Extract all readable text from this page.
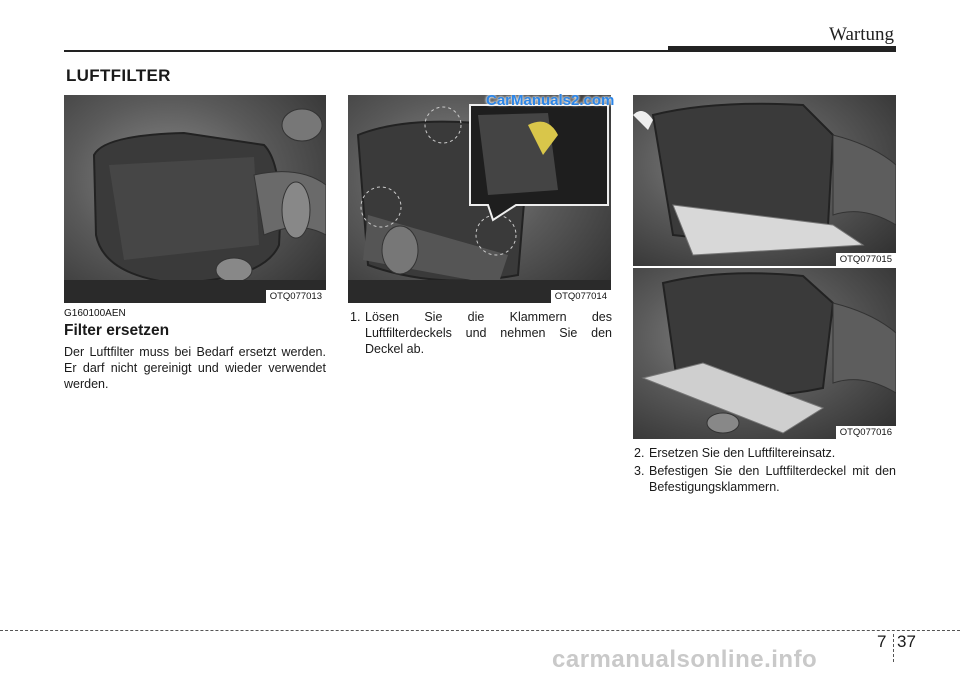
Wartung
LUFTFILTER
OTQ077013	OTQ077014
CarManuals2.com
OTQ077015
OTQ077016
G160100AEN
Filter ersetzen

Der Luftfilter muss bei Bedarf ersetzt werden. Er darf nicht gereinigt und wieder verwendet werden.

1. Lösen Sie die Klammern des Luftfilterdeckels und nehmen Sie den Deckel ab.
2. Ersetzen Sie den Luftfiltereinsatz.
3. Befestigen Sie den Luftfilterdeckel mit den Befestigungsklammern.
7 37
carmanualsonline.info
